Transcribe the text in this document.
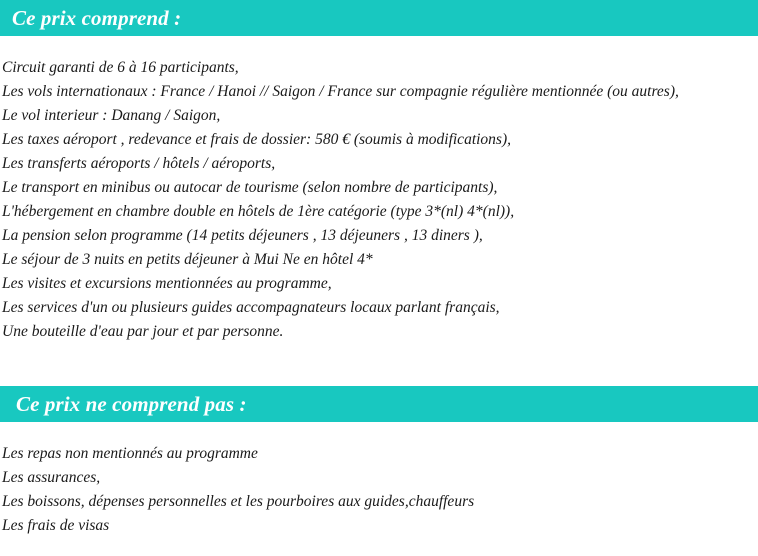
Ce prix comprend :
Circuit garanti de 6 à 16 participants,
Les vols internationaux : France / Hanoi // Saigon / France sur compagnie régulière mentionnée (ou autres),
Le vol interieur : Danang / Saigon,
Les taxes aéroport , redevance et frais de dossier: 580 € (soumis à modifications),
Les transferts aéroports / hôtels / aéroports,
Le transport en minibus ou autocar de tourisme (selon nombre de participants),
L'hébergement en chambre double en hôtels de 1ère catégorie (type 3*(nl) 4*(nl)),
La pension selon programme (14 petits déjeuners , 13 déjeuners , 13 diners ),
Le séjour de 3 nuits en petits déjeuner à Mui Ne en hôtel 4*
Les visites et excursions mentionnées au programme,
Les services d'un ou plusieurs guides accompagnateurs locaux parlant français,
Une bouteille d'eau par jour et par personne.
Ce prix ne comprend pas :
Les repas non mentionnés au programme
Les assurances,
Les boissons, dépenses personnelles et les pourboires aux guides,chauffeurs
Les frais de visas
